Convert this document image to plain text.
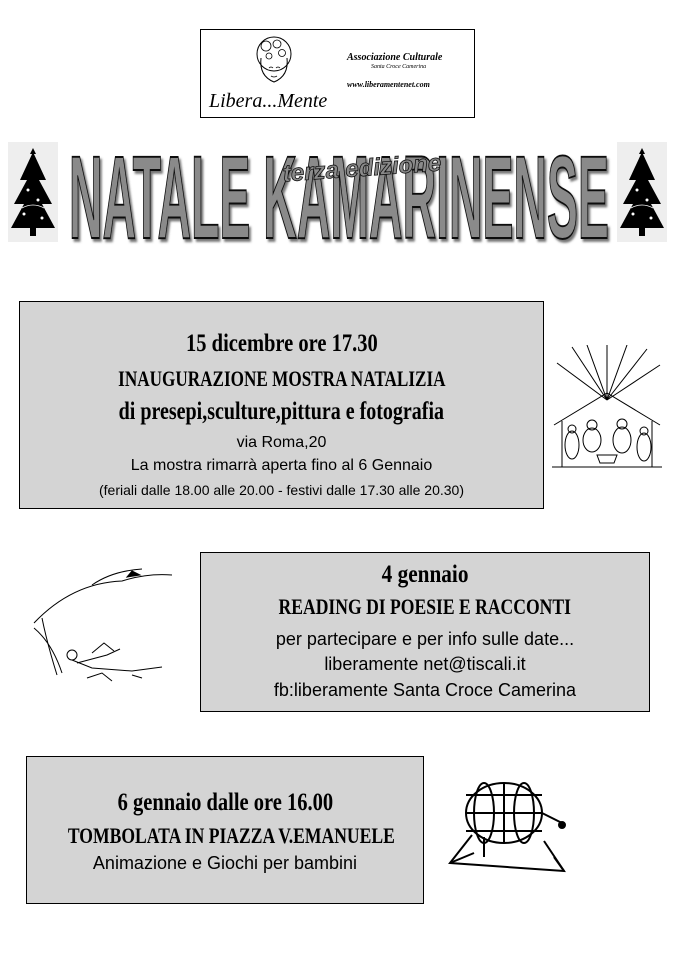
Associazione Culturale
Santa Croce Camerina
www.liberamentenet.com
Libera...Mente
NATALE KAMARINENSE
terza edizione
15 dicembre ore 17.30
INAUGURAZIONE MOSTRA NATALIZIA
di presepi,sculture,pittura e fotografia
via Roma,20
La mostra rimarrà aperta fino al 6 Gennaio
(feriali dalle 18.00 alle 20.00 - festivi dalle 17.30 alle 20.30)
4 gennaio
READING DI POESIE E RACCONTI
per partecipare e per info sulle date...
liberamente net@tiscali.it
fb:liberamente Santa Croce Camerina
6 gennaio dalle ore 16.00
TOMBOLATA IN PIAZZA V.EMANUELE
Animazione e Giochi per bambini
